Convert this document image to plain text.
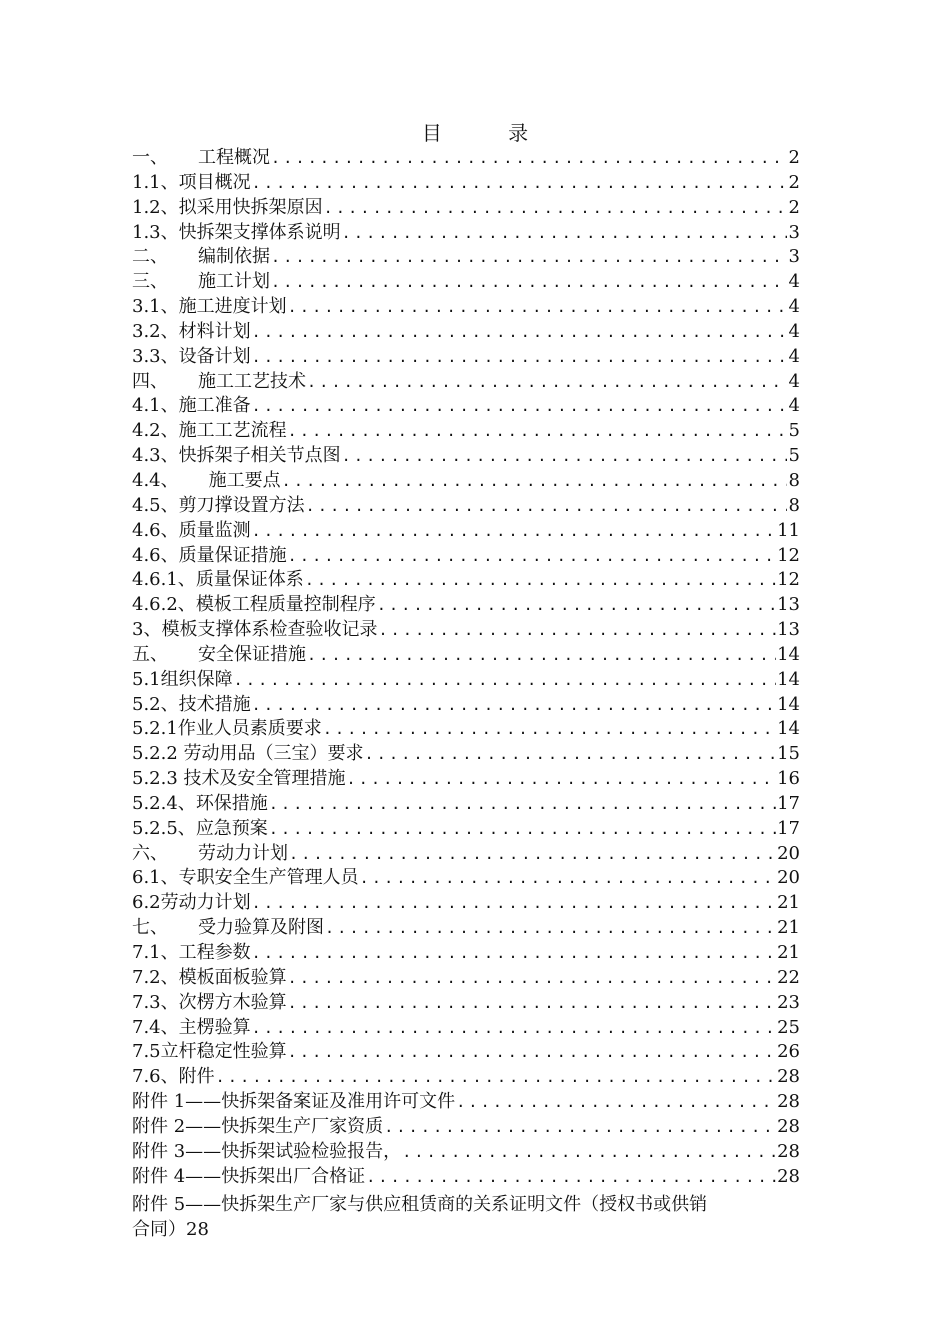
目 录
一、 工程概况 .....	2
1.1、项目概况 .....	2
1.2、拟采用快拆架原因 .....	2
1.3、快拆架支撑体系说明 .....	3
二、 编制依据 .....	3
三、 施工计划 .....	4
3.1、施工进度计划 .....	4
3.2、材料计划 .....	4
3.3、设备计划 .....	4
四、 施工工艺技术 .....	4
4.1、施工准备 .....	4
4.2、施工工艺流程 .....	5
4.3、快拆架子相关节点图 .....	5
4.4、 施工要点 .....	8
4.5、剪刀撑设置方法 .....	8
4.6、质量监测 .....	11
4.6、质量保证措施 .....	12
4.6.1、质量保证体系 .....	12
4.6.2、模板工程质量控制程序 .....	13
3、模板支撑体系检查验收记录 .....	13
五、 安全保证措施 .....	14
5.1组织保障 .....	14
5.2、技术措施 .....	14
5.2.1作业人员素质要求 .....	14
5.2.2 劳动用品（三宝）要求 .....	15
5.2.3 技术及安全管理措施 .....	16
5.2.4、环保措施 .....	17
5.2.5、应急预案 .....	17
六、 劳动力计划 .....	20
6.1、专职安全生产管理人员 .....	20
6.2劳动力计划 .....	21
七、 受力验算及附图 .....	21
7.1、工程参数 .....	21
7.2、模板面板验算 .....	22
7.3、次楞方木验算 .....	23
7.4、主楞验算 .....	25
7.5立杆稳定性验算 .....	26
7.6、附件 .....	28
附件 1——快拆架备案证及准用许可文件 .....	28
附件 2——快拆架生产厂家资质 .....	28
附件 3——快拆架试验检验报告， .....	28
附件 4——快拆架出厂合格证 .....	28

附件 5——快拆架生产厂家与供应租赁商的关系证明文件（授权书或供销
合同）28
